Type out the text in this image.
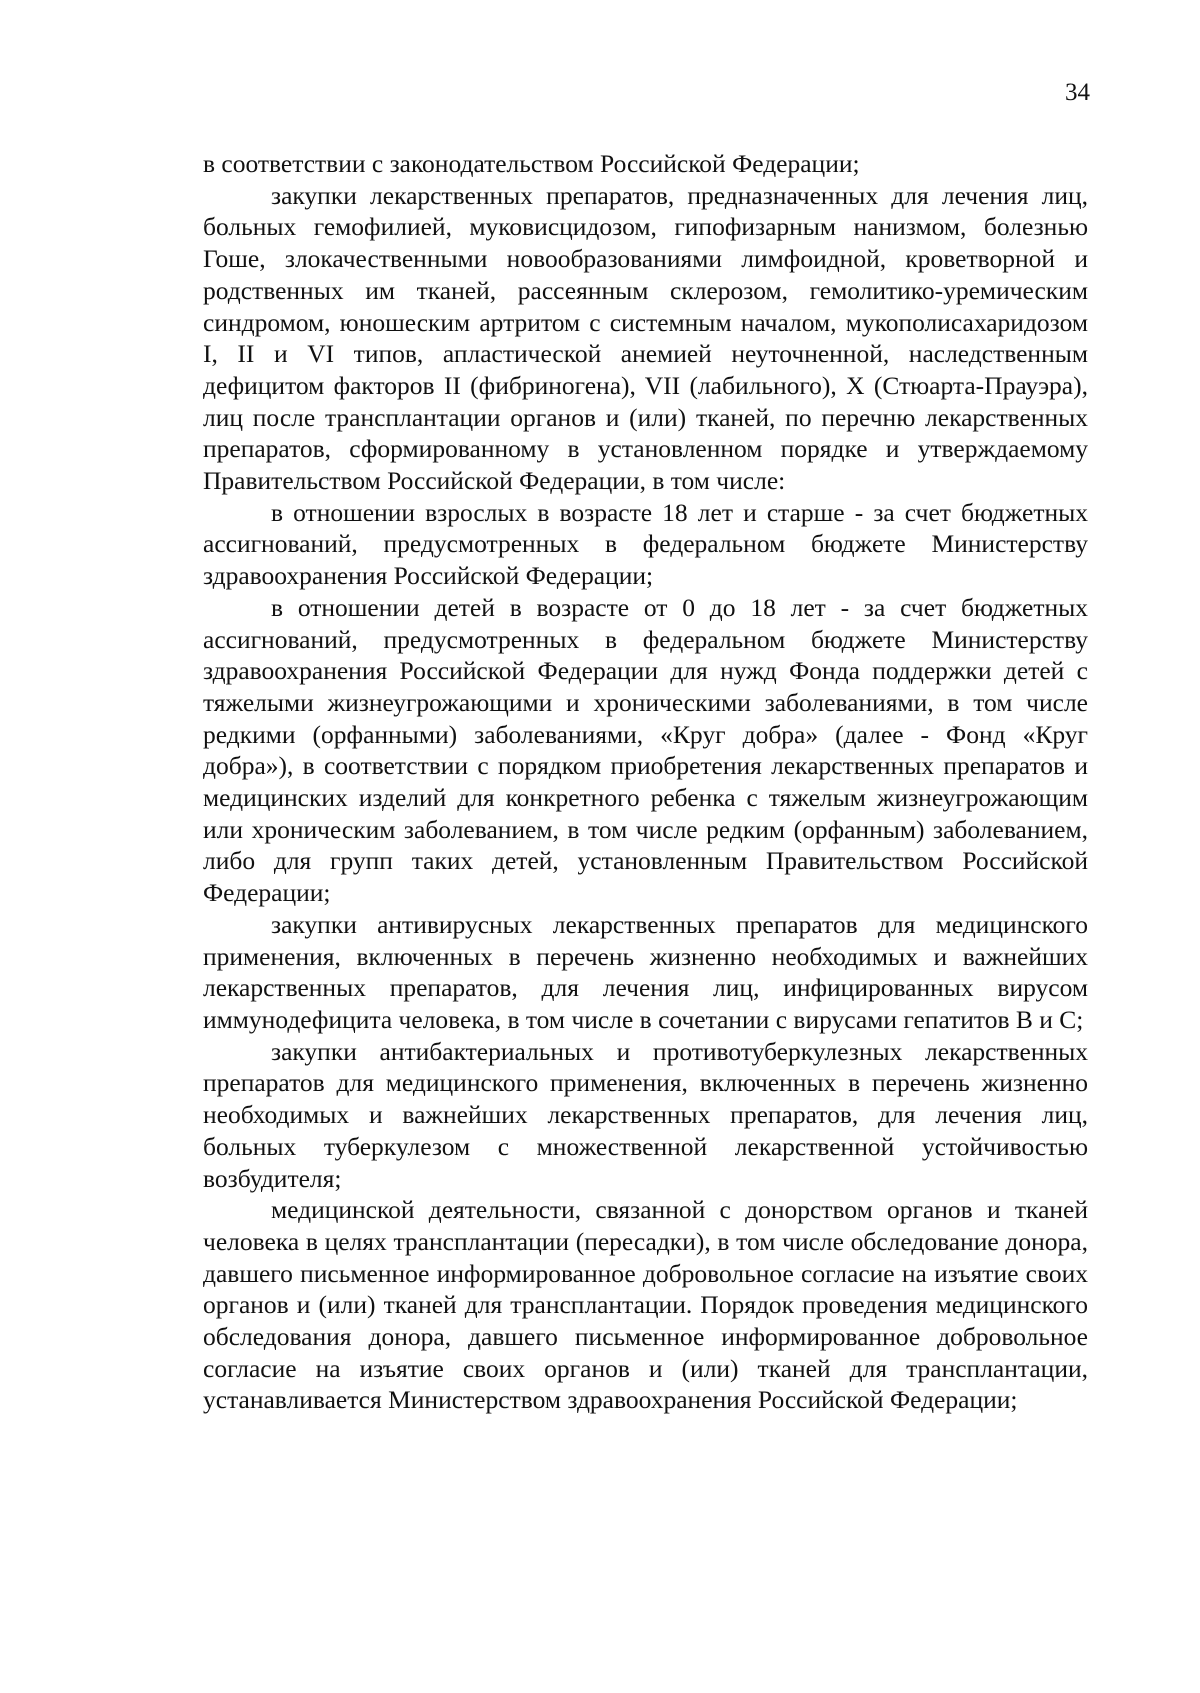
34

в соответствии с законодательством Российской Федерации;

закупки лекарственных препаратов, предназначенных для лечения лиц, больных гемофилией, муковисцидозом, гипофизарным нанизмом, болезнью Гоше, злокачественными новообразованиями лимфоидной, кроветворной и родственных им тканей, рассеянным склерозом, гемолитико-уремическим синдромом, юношеским артритом с системным началом, мукополисахаридозом I, II и VI типов, апластической анемией неуточненной, наследственным дефицитом факторов II (фибриногена), VII (лабильного), X (Стюарта-Прауэра), лиц после трансплантации органов и (или) тканей, по перечню лекарственных препаратов, сформированному в установленном порядке и утверждаемому Правительством Российской Федерации, в том числе:

в отношении взрослых в возрасте 18 лет и старше - за счет бюджетных ассигнований, предусмотренных в федеральном бюджете Министерству здравоохранения Российской Федерации;

в отношении детей в возрасте от 0 до 18 лет - за счет бюджетных ассигнований, предусмотренных в федеральном бюджете Министерству здравоохранения Российской Федерации для нужд Фонда поддержки детей с тяжелыми жизнеугрожающими и хроническими заболеваниями, в том числе редкими (орфанными) заболеваниями, «Круг добра» (далее - Фонд «Круг добра»), в соответствии с порядком приобретения лекарственных препаратов и медицинских изделий для конкретного ребенка с тяжелым жизнеугрожающим или хроническим заболеванием, в том числе редким (орфанным) заболеванием, либо для групп таких детей, установленным Правительством Российской Федерации;

закупки антивирусных лекарственных препаратов для медицинского применения, включенных в перечень жизненно необходимых и важнейших лекарственных препаратов, для лечения лиц, инфицированных вирусом иммунодефицита человека, в том числе в сочетании с вирусами гепатитов B и C;

закупки антибактериальных и противотуберкулезных лекарственных препаратов для медицинского применения, включенных в перечень жизненно необходимых и важнейших лекарственных препаратов, для лечения лиц, больных туберкулезом с множественной лекарственной устойчивостью возбудителя;

медицинской деятельности, связанной с донорством органов и тканей человека в целях трансплантации (пересадки), в том числе обследование донора, давшего письменное информированное добровольное согласие на изъятие своих органов и (или) тканей для трансплантации. Порядок проведения медицинского обследования донора, давшего письменное информированное добровольное согласие на изъятие своих органов и (или) тканей для трансплантации, устанавливается Министерством здравоохранения Российской Федерации;
